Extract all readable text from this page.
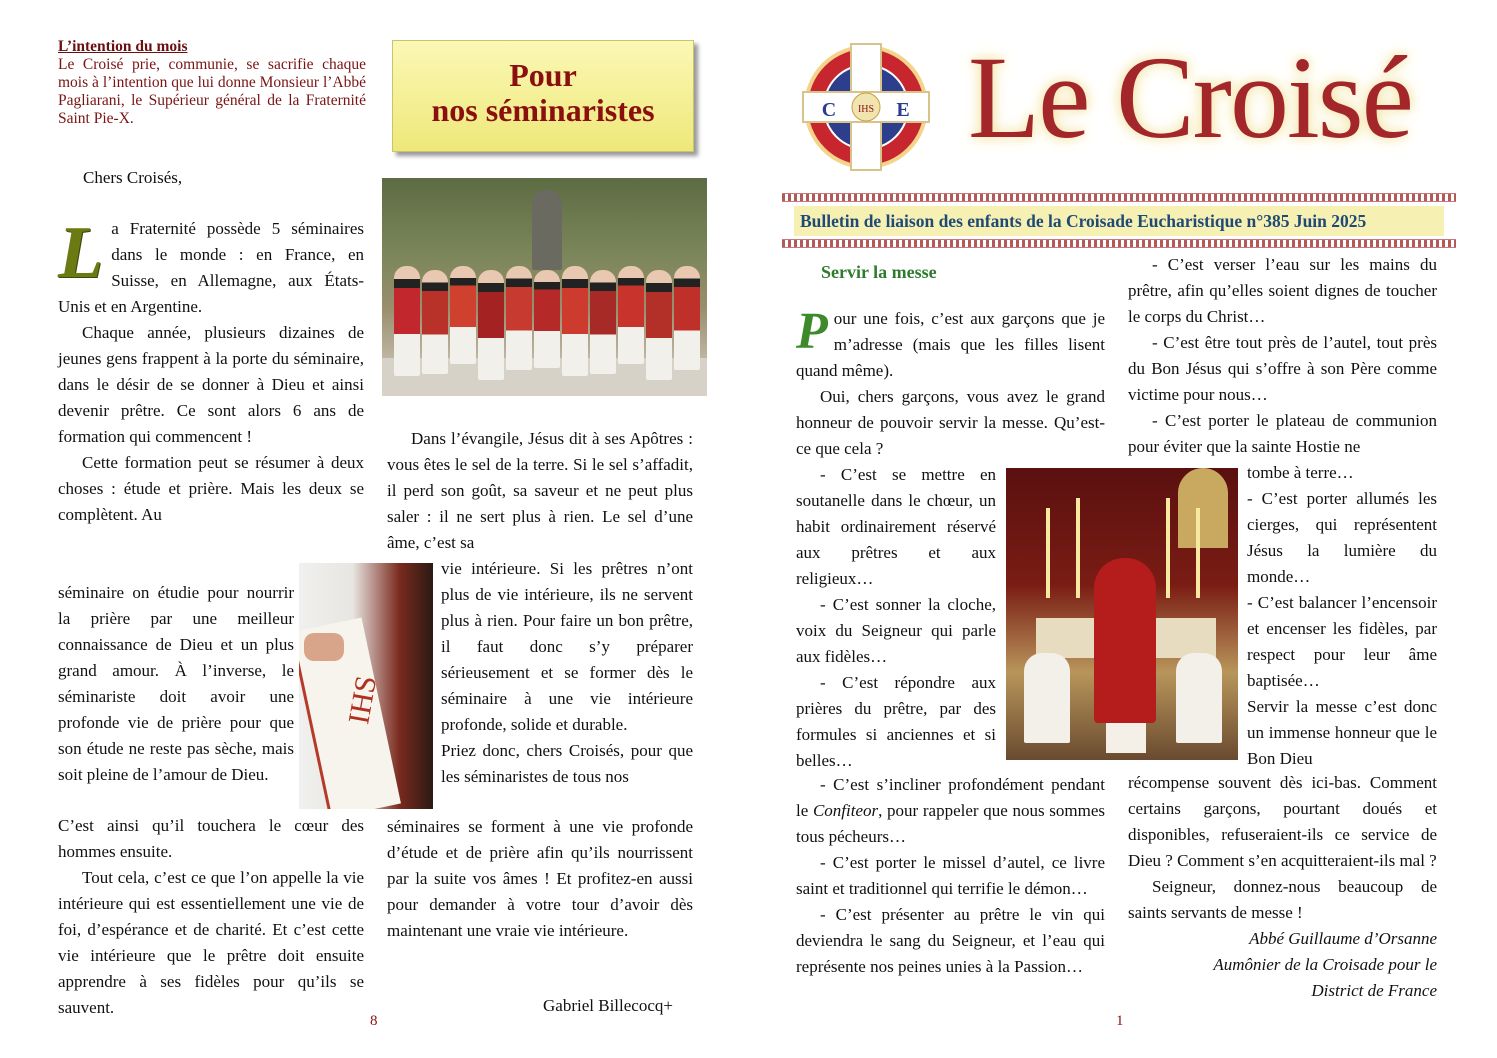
L’intention du mois
Le Croisé prie, communie, se sacrifie chaque mois à l’intention que lui donne Monsieur l’Abbé Pagliarani, le Supérieur général de la Fraternité Saint Pie-X.
Pour
nos séminaristes
Chers Croisés,

L a Fraternité possède 5 séminaires dans le monde : en France, en Suisse, en Allemagne, aux États-Unis et en Argentine.

Chaque année, plusieurs dizaines de jeunes gens frappent à la porte du séminaire, dans le désir de se donner à Dieu et ainsi devenir prêtre. Ce sont alors 6 ans de formation qui commencent !

Cette formation peut se résumer à deux choses : étude et prière. Mais les deux se complètent. Au

séminaire on étudie pour nourrir la prière par une meilleur connaissance de Dieu et un plus grand amour. À l’inverse, le séminariste doit avoir une profonde vie de prière pour que son étude ne reste pas sèche, mais soit pleine de l’amour de Dieu.

C’est ainsi qu’il touchera le cœur des hommes ensuite.

Tout cela, c’est ce que l’on appelle la vie intérieure qui est essentiellement une vie de foi, d’espérance et de charité. Et c’est cette vie intérieure que le prêtre doit ensuite apprendre à ses fidèles pour qu’ils se sauvent.

IHS

Dans l’évangile, Jésus dit à ses Apôtres : vous êtes le sel de la terre. Si le sel s’affadit, il perd son goût, sa saveur et ne peut plus saler : il ne sert plus à rien. Le sel d’une âme, c’est sa

vie intérieure. Si les prêtres n’ont plus de vie intérieure, ils ne servent plus à rien. Pour faire un bon prêtre, il faut donc s’y préparer sérieusement et se former dès le séminaire à une vie intérieure profonde, solide et durable.

Priez donc, chers Croisés, pour que les séminaristes de tous nos

séminaires se forment à une vie profonde d’étude et de prière afin qu’ils nourrissent par la suite vos âmes ! Et profitez-en aussi pour demander à votre tour d’avoir dès maintenant une vraie vie intérieure.

Gabriel Billecocq+
8
IHS
C	E Le Croisé
Bulletin de liaison des enfants de la Croisade Eucharistique n°385 Juin 2025
Servir la messe

P our une fois, c’est aux garçons que je m’adresse (mais que les filles lisent quand même).

Oui, chers garçons, vous avez le grand honneur de pouvoir servir la messe. Qu’est-ce que cela ?

- C’est se mettre en soutanelle dans le chœur, un habit ordinairement réservé aux prêtres et aux religieux…

- C’est sonner la cloche, voix du Seigneur qui parle aux fidèles…

- C’est répondre aux prières du prêtre, par des formules si anciennes et si belles…

- C’est s’incliner profondément pendant le Confiteor, pour rappeler que nous sommes tous pécheurs…

- C’est porter le missel d’autel, ce livre saint et traditionnel qui terrifie le démon…

- C’est présenter au prêtre le vin qui deviendra le sang du Seigneur, et l’eau qui représente nos peines unies à la Passion…

- C’est verser l’eau sur les mains du prêtre, afin qu’elles soient dignes de toucher le corps du Christ…

- C’est être tout près de l’autel, tout près du Bon Jésus qui s’offre à son Père comme victime pour nous…

- C’est porter le plateau de communion pour éviter que la sainte Hostie ne

tombe à terre…

- C’est porter allumés les cierges, qui représentent Jésus la lumière du monde…

- C’est balancer l’encensoir et encenser les fidèles, par respect pour leur âme baptisée…

Servir la messe c’est donc un immense honneur que le Bon Dieu

récompense souvent dès ici-bas. Comment certains garçons, pourtant doués et disponibles, refuseraient-ils ce service de Dieu ? Comment s’en acquitteraient-ils mal ?

Seigneur, donnez-nous beaucoup de saints servants de messe !

Abbé Guillaume d’Orsanne
Aumônier de la Croisade pour le
District de France
1
